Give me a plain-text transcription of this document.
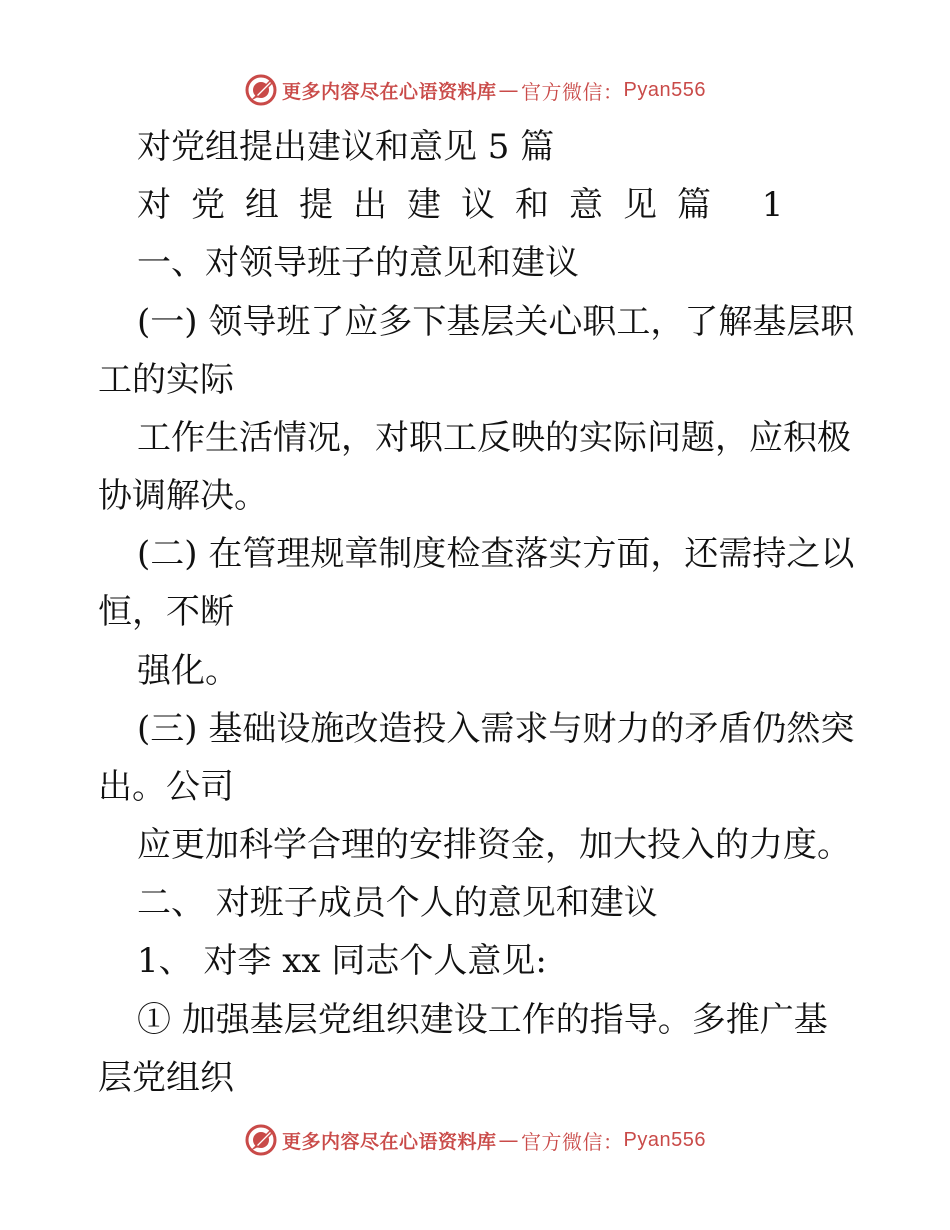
更多内容尽在心语资料库 — 官方微信： Pyan556
对党组提出建议和意见 5 篇
对党组提出建议和意见篇 1
一、对领导班子的意见和建议
(一) 领导班了应多下基层关心职工，了解基层职
工的实际
工作生活情况，对职工反映的实际问题，应积极
协调解决。
(二) 在管理规章制度检查落实方面，还需持之以
恒，不断
强化。
(三) 基础设施改造投入需求与财力的矛盾仍然突
出。公司
应更加科学合理的安排资金，加大投入的力度。
二、 对班子成员个人的意见和建议
1、 对李 xx 同志个人意见:
① 加强基层党组织建设工作的指导。多推广基
层党组织
更多内容尽在心语资料库 — 官方微信： Pyan556
